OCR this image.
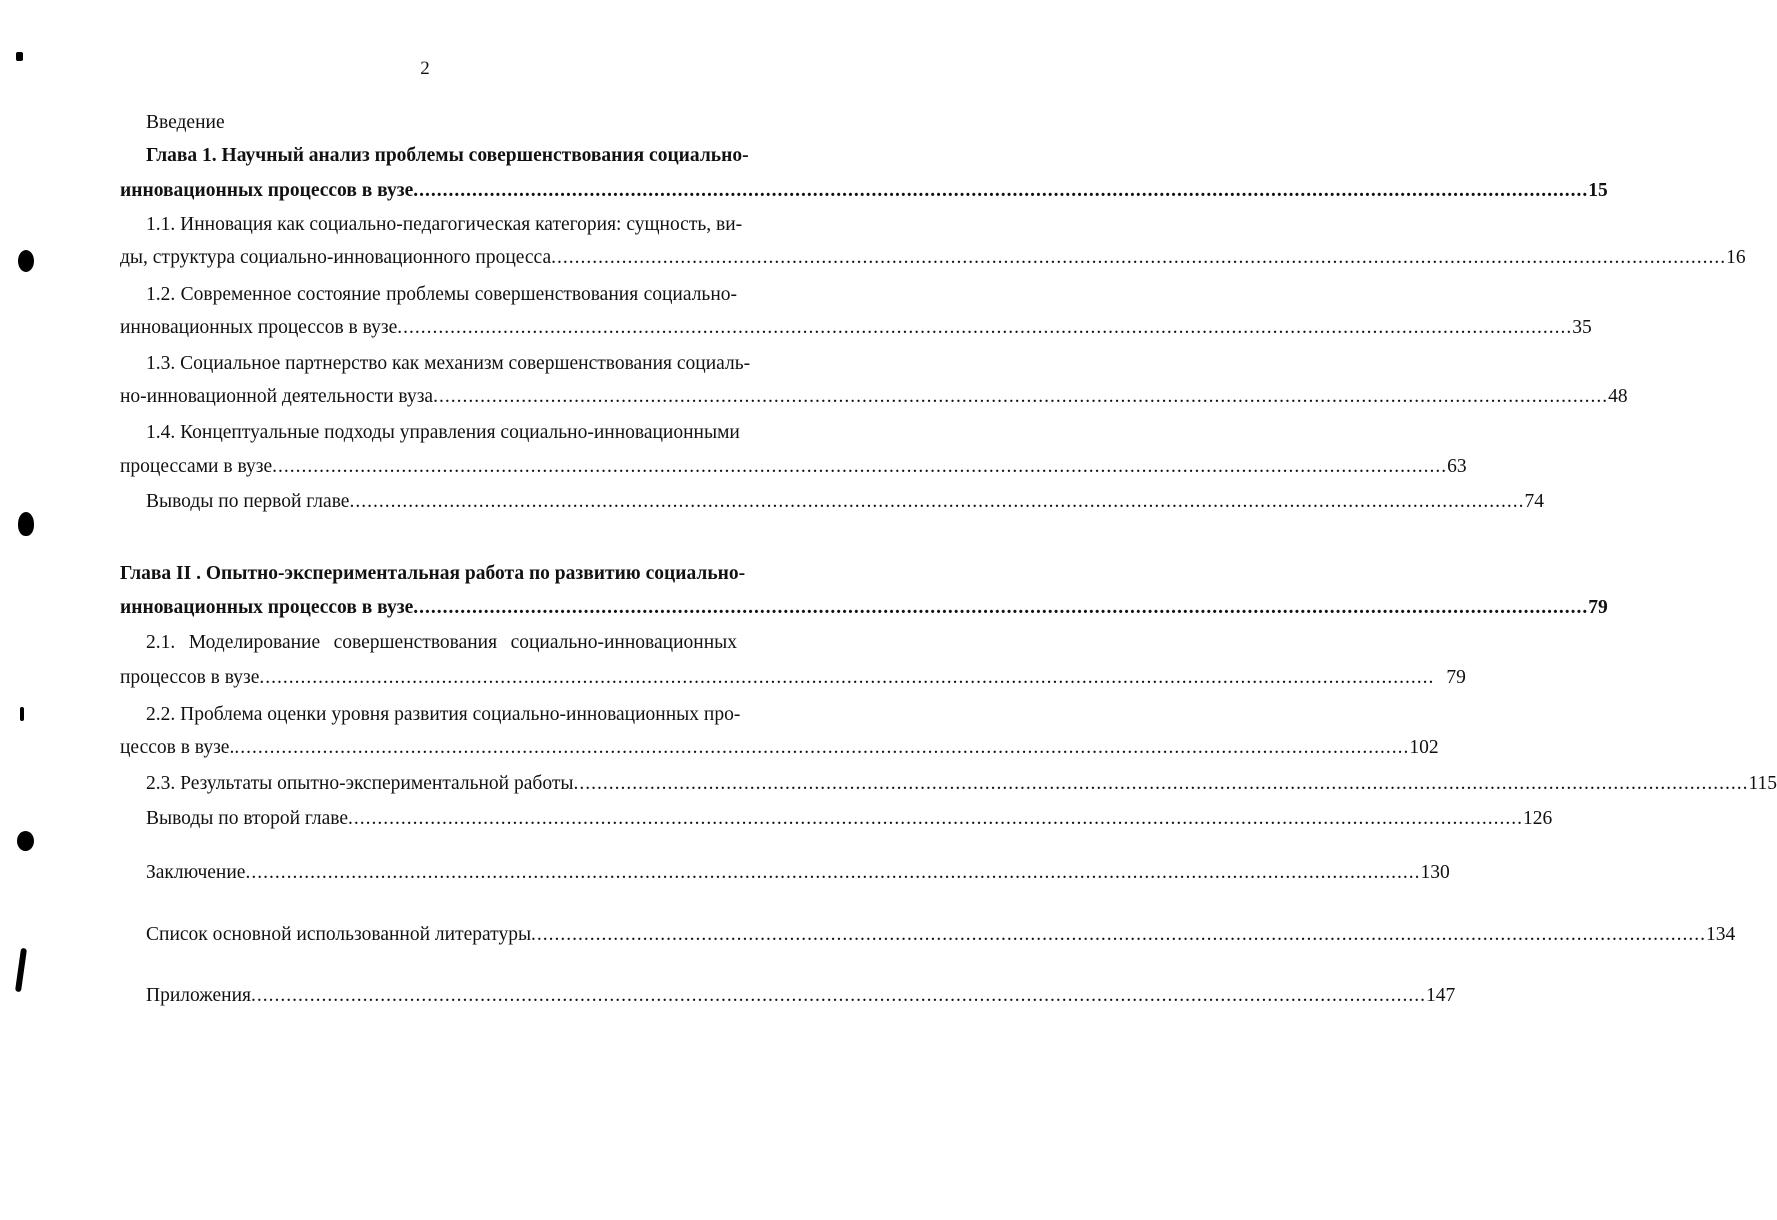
2
Введение
Глава 1. Научный анализ проблемы совершенствования социально-
инновационных процессов в вузе ........................................................................................................................................................................................................ 15
1.1. Инновация как социально-педагогическая категория: сущность, ви-
ды, структура социально-инновационного процесса ........................................................................................................................................................................................................ 16
1.2. Современное состояние проблемы совершенствования социально-
инновационных процессов в вузе ........................................................................................................................................................................................................ 35
1.3. Социальное партнерство как механизм совершенствования социаль-
но-инновационной деятельности вуза ........................................................................................................................................................................................................ 48
1.4. Концептуальные подходы управления социально-инновационными
процессами в вузе ........................................................................................................................................................................................................ 63
Выводы по первой главе ........................................................................................................................................................................................................ 74
Глава II . Опытно-экспериментальная работа по развитию социально-
инновационных процессов в вузе ........................................................................................................................................................................................................ 79
2.1. Моделирование совершенствования социально-инновационных
процессов в вузе ........................................................................................................................................................................................................ 79
2.2. Проблема оценки уровня развития социально-инновационных про-
цессов в вузе. ........................................................................................................................................................................................................ 102
2.3. Результаты опытно-экспериментальной работы ........................................................................................................................................................................................................ 115
Выводы по второй главе ........................................................................................................................................................................................................ 126
Заключение ........................................................................................................................................................................................................ 130
Список основной использованной литературы ........................................................................................................................................................................................................ 134
Приложения ........................................................................................................................................................................................................ 147
